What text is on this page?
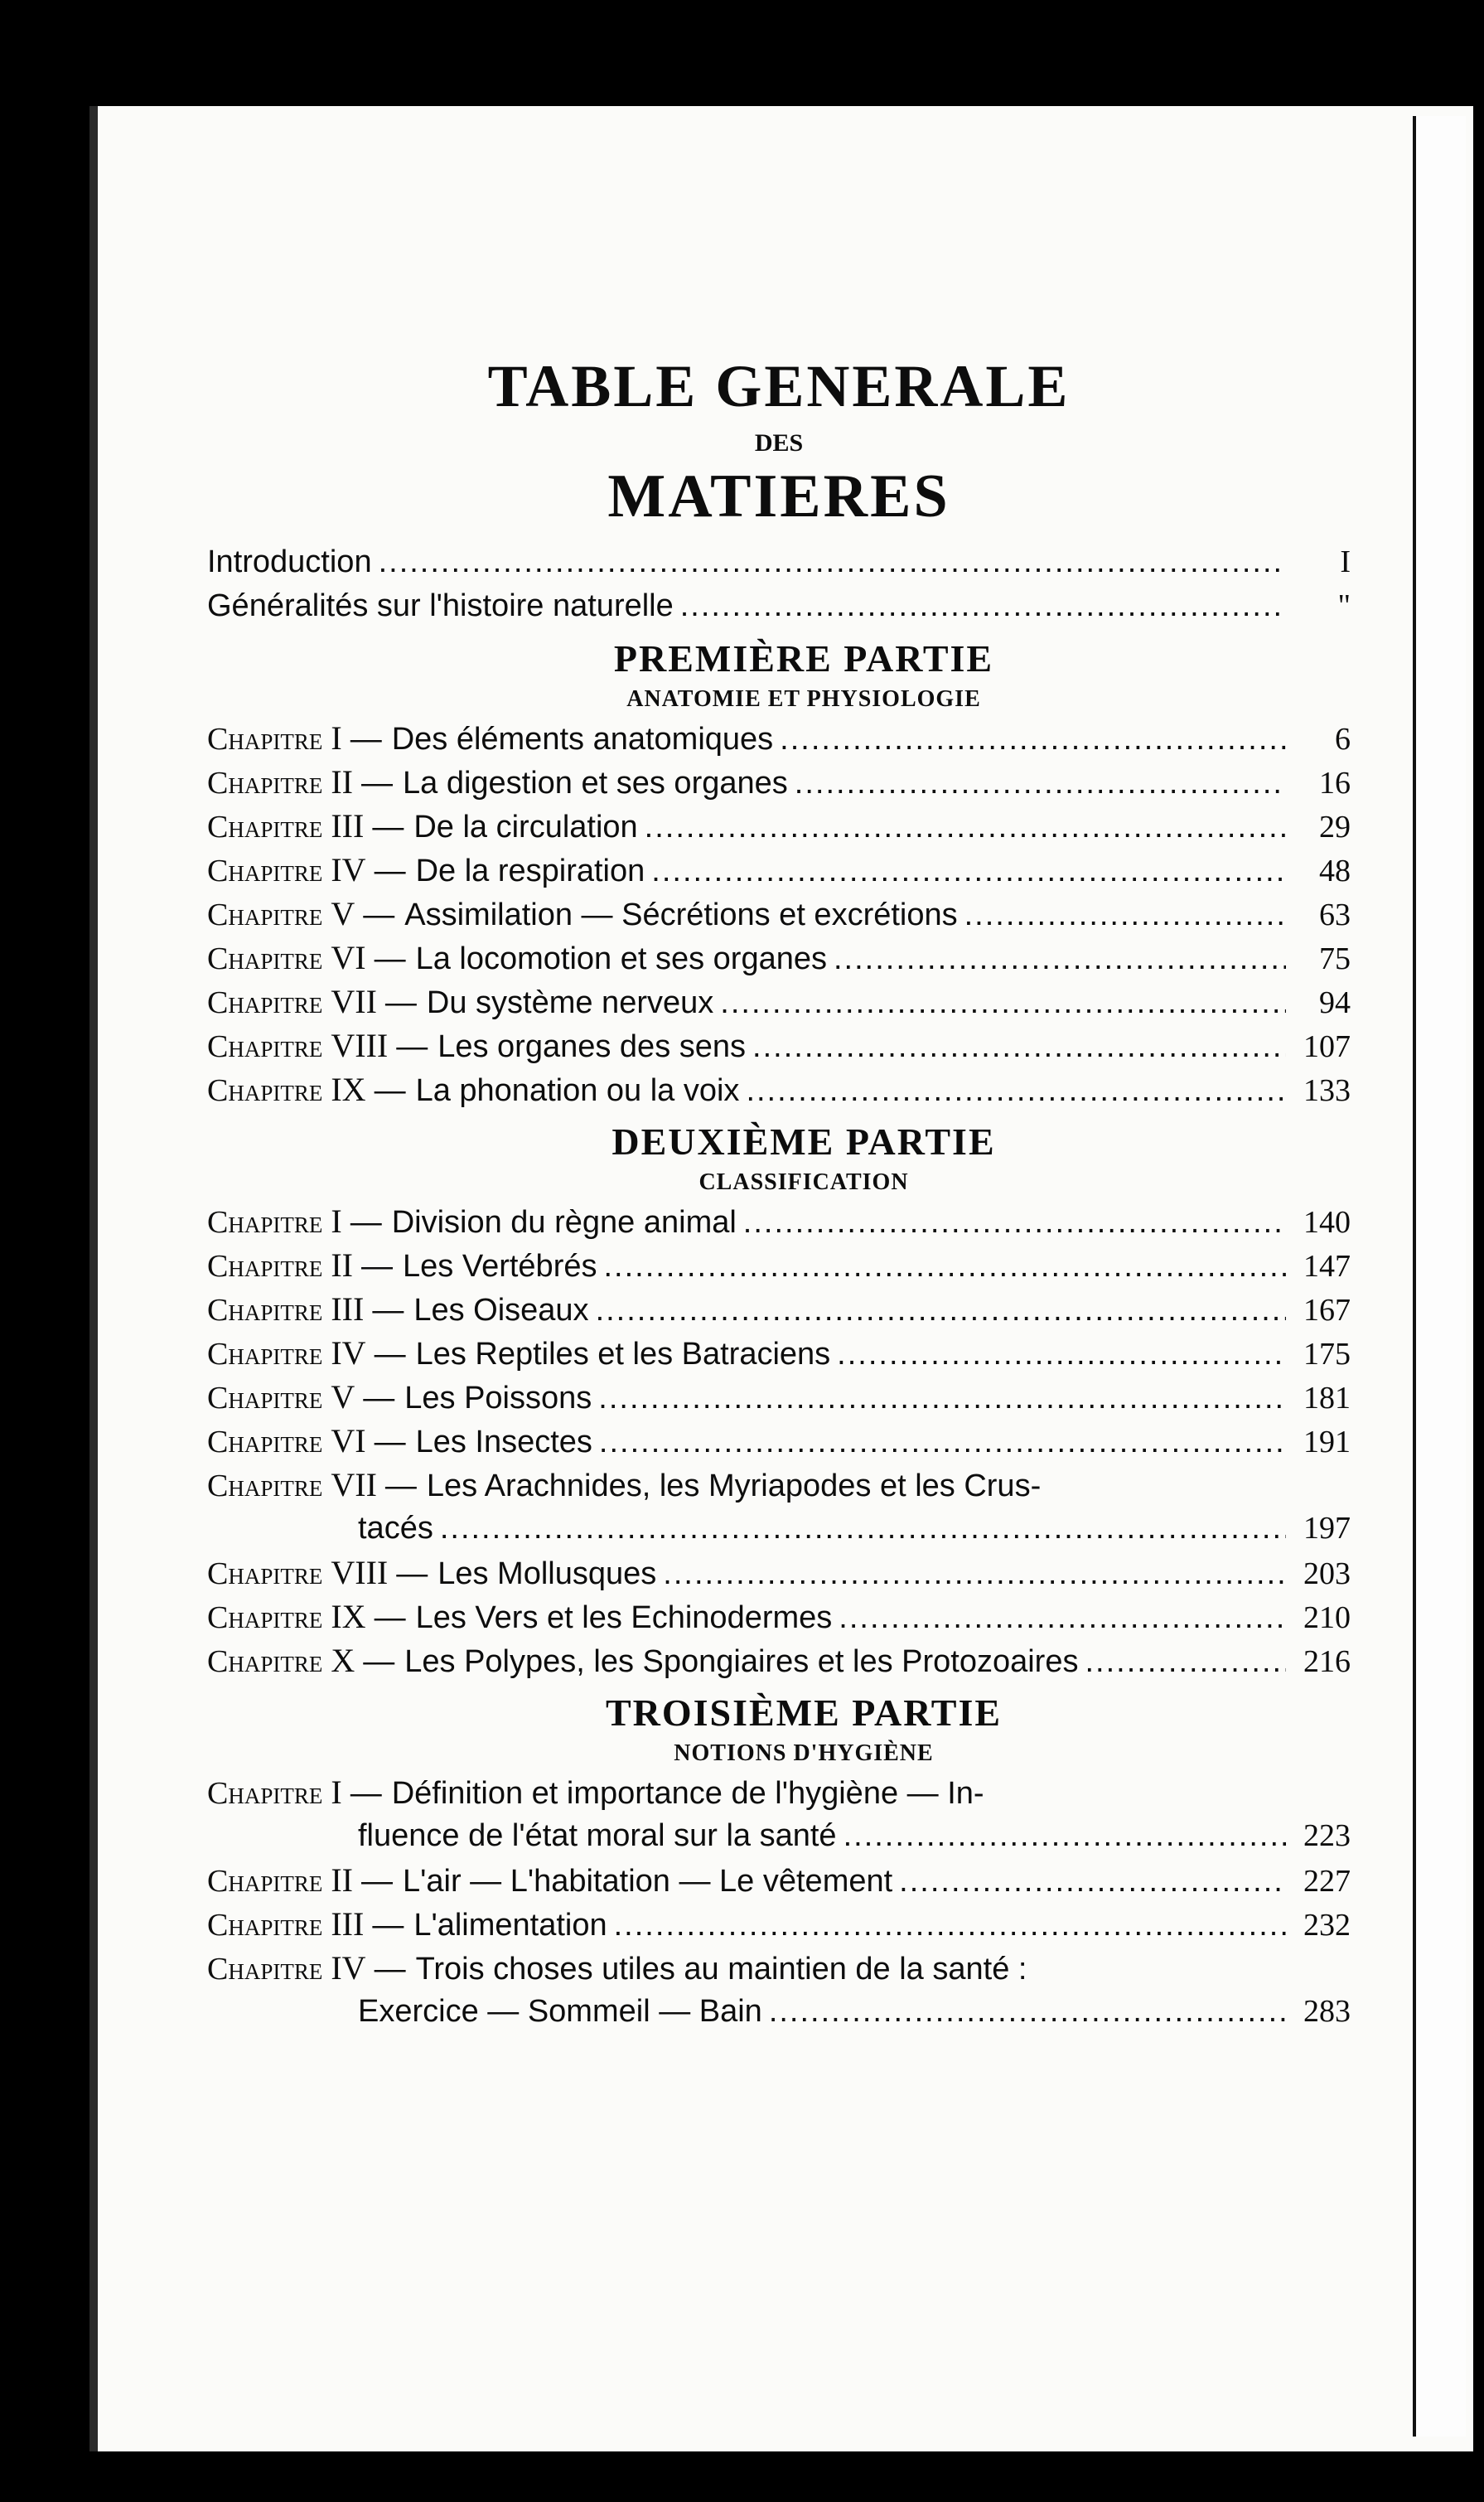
TABLE GENERALE
DES
MATIERES
Introduction .....	I
Généralités sur l'histoire naturelle .....	"
PREMIÈRE PARTIE
ANATOMIE ET PHYSIOLOGIE
Chapitre I — Des éléments anatomiques .....	6
Chapitre II — La digestion et ses organes .....	16
Chapitre III — De la circulation .....	29
Chapitre IV — De la respiration .....	48
Chapitre V — Assimilation — Sécrétions et excrétions .....	63
Chapitre VI — La locomotion et ses organes .....	75
Chapitre VII — Du système nerveux .....	94
Chapitre VIII — Les organes des sens .....	107
Chapitre IX — La phonation ou la voix .....	133
DEUXIÈME PARTIE
CLASSIFICATION
Chapitre I — Division du règne animal .....	140
Chapitre II — Les Vertébrés .....	147
Chapitre III — Les Oiseaux .....	167
Chapitre IV — Les Reptiles et les Batraciens .....	175
Chapitre V — Les Poissons .....	181
Chapitre VI — Les Insectes .....	191
Chapitre VII — Les Arachnides, les Myriapodes et les Crus-
tacés .....	197
Chapitre VIII — Les Mollusques .....	203
Chapitre IX — Les Vers et les Echinodermes .....	210
Chapitre X — Les Polypes, les Spongiaires et les Protozoaires .....	216
TROISIÈME PARTIE
NOTIONS D'HYGIÈNE
Chapitre I — Définition et importance de l'hygiène — In-
fluence de l'état moral sur la santé .....	223
Chapitre II — L'air — L'habitation — Le vêtement .....	227
Chapitre III — L'alimentation .....	232
Chapitre IV — Trois choses utiles au maintien de la santé :
Exercice — Sommeil — Bain .....	283
